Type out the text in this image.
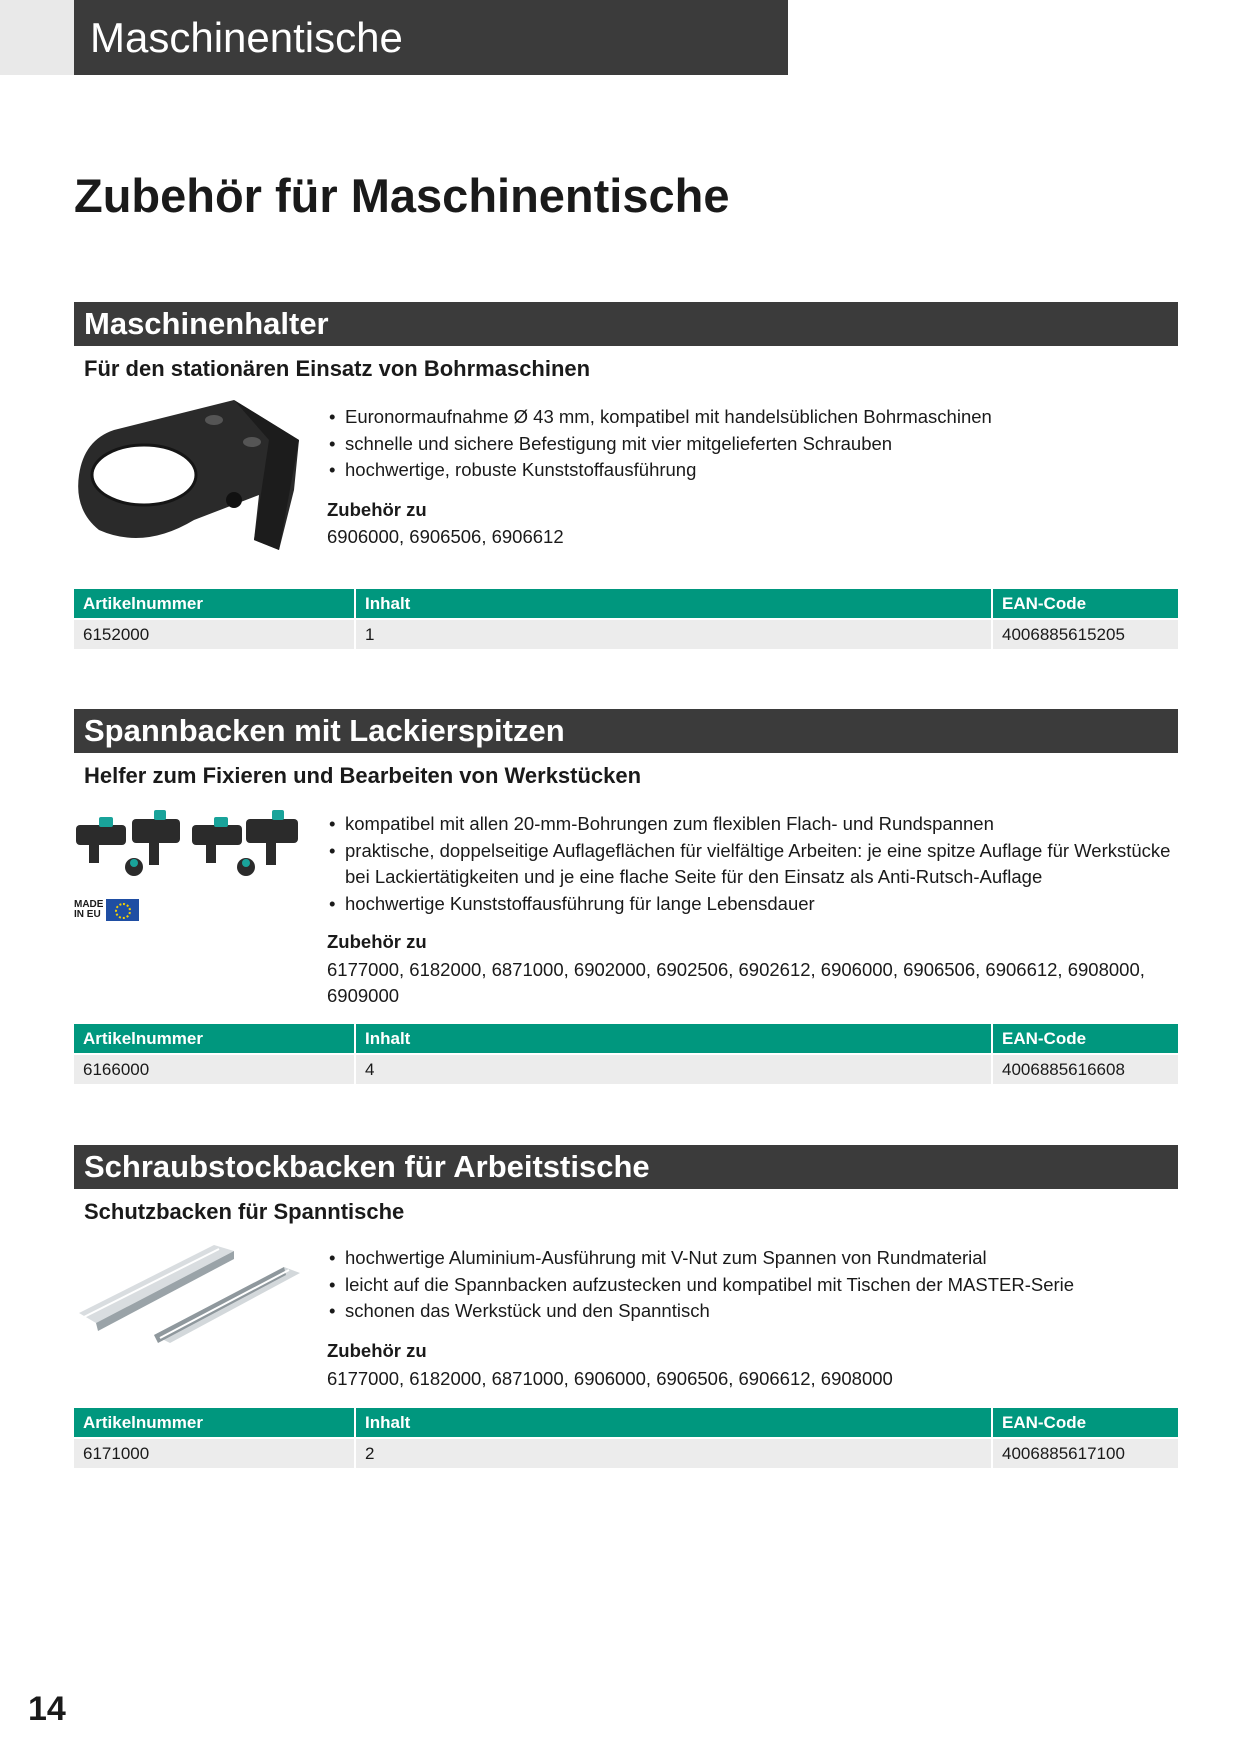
Maschinentische
Zubehör für Maschinentische
Maschinenhalter
Für den stationären Einsatz von Bohrmaschinen
• Euronormaufnahme Ø 43 mm, kompatibel mit handelsüblichen Bohrmaschinen
• schnelle und sichere Befestigung mit vier mitgelieferten Schrauben
• hochwertige, robuste Kunststoffausführung
Zubehör zu
6906000, 6906506, 6906612
Artikelnummer	Inhalt	EAN-Code
6152000	1	4006885615205
Spannbacken mit Lackierspitzen
Helfer zum Fixieren und Bearbeiten von Werkstücken
MADE
IN EU
• kompatibel mit allen 20-mm-Bohrungen zum flexiblen Flach- und Rundspannen
• praktische, doppelseitige Auflageflächen für vielfältige Arbeiten: je eine spitze Auflage für Werkstücke bei Lackiertätigkeiten und je eine flache Seite für den Einsatz als Anti-Rutsch-Auflage
• hochwertige Kunststoffausführung für lange Lebensdauer
Zubehör zu
6177000, 6182000, 6871000, 6902000, 6902506, 6902612, 6906000, 6906506, 6906612, 6908000, 6909000
Artikelnummer	Inhalt	EAN-Code
6166000	4	4006885616608
Schraubstockbacken für Arbeitstische
Schutzbacken für Spanntische
• hochwertige Aluminium-Ausführung mit V-Nut zum Spannen von Rundmaterial
• leicht auf die Spannbacken aufzustecken und kompatibel mit Tischen der MASTER-Serie
• schonen das Werkstück und den Spanntisch
Zubehör zu
6177000, 6182000, 6871000, 6906000, 6906506, 6906612, 6908000
Artikelnummer	Inhalt	EAN-Code
6171000	2	4006885617100
14
